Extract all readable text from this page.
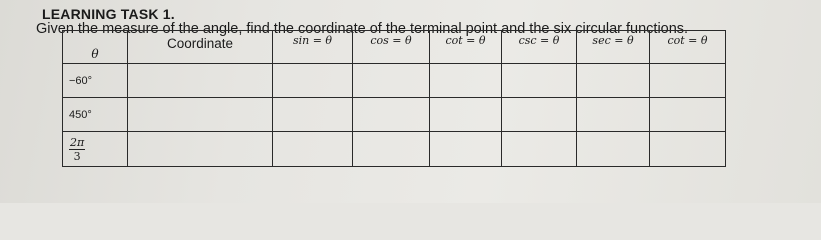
LEARNING TASK 1.

Given the measure of the angle, find the coordinate of the terminal point and the six circular functions.

θ	Coordinate	sin = θ	cos = θ	cot = θ	csc = θ	sec = θ	cot = θ

−60°							
450°							

$\frac{2\pi}{3}$
